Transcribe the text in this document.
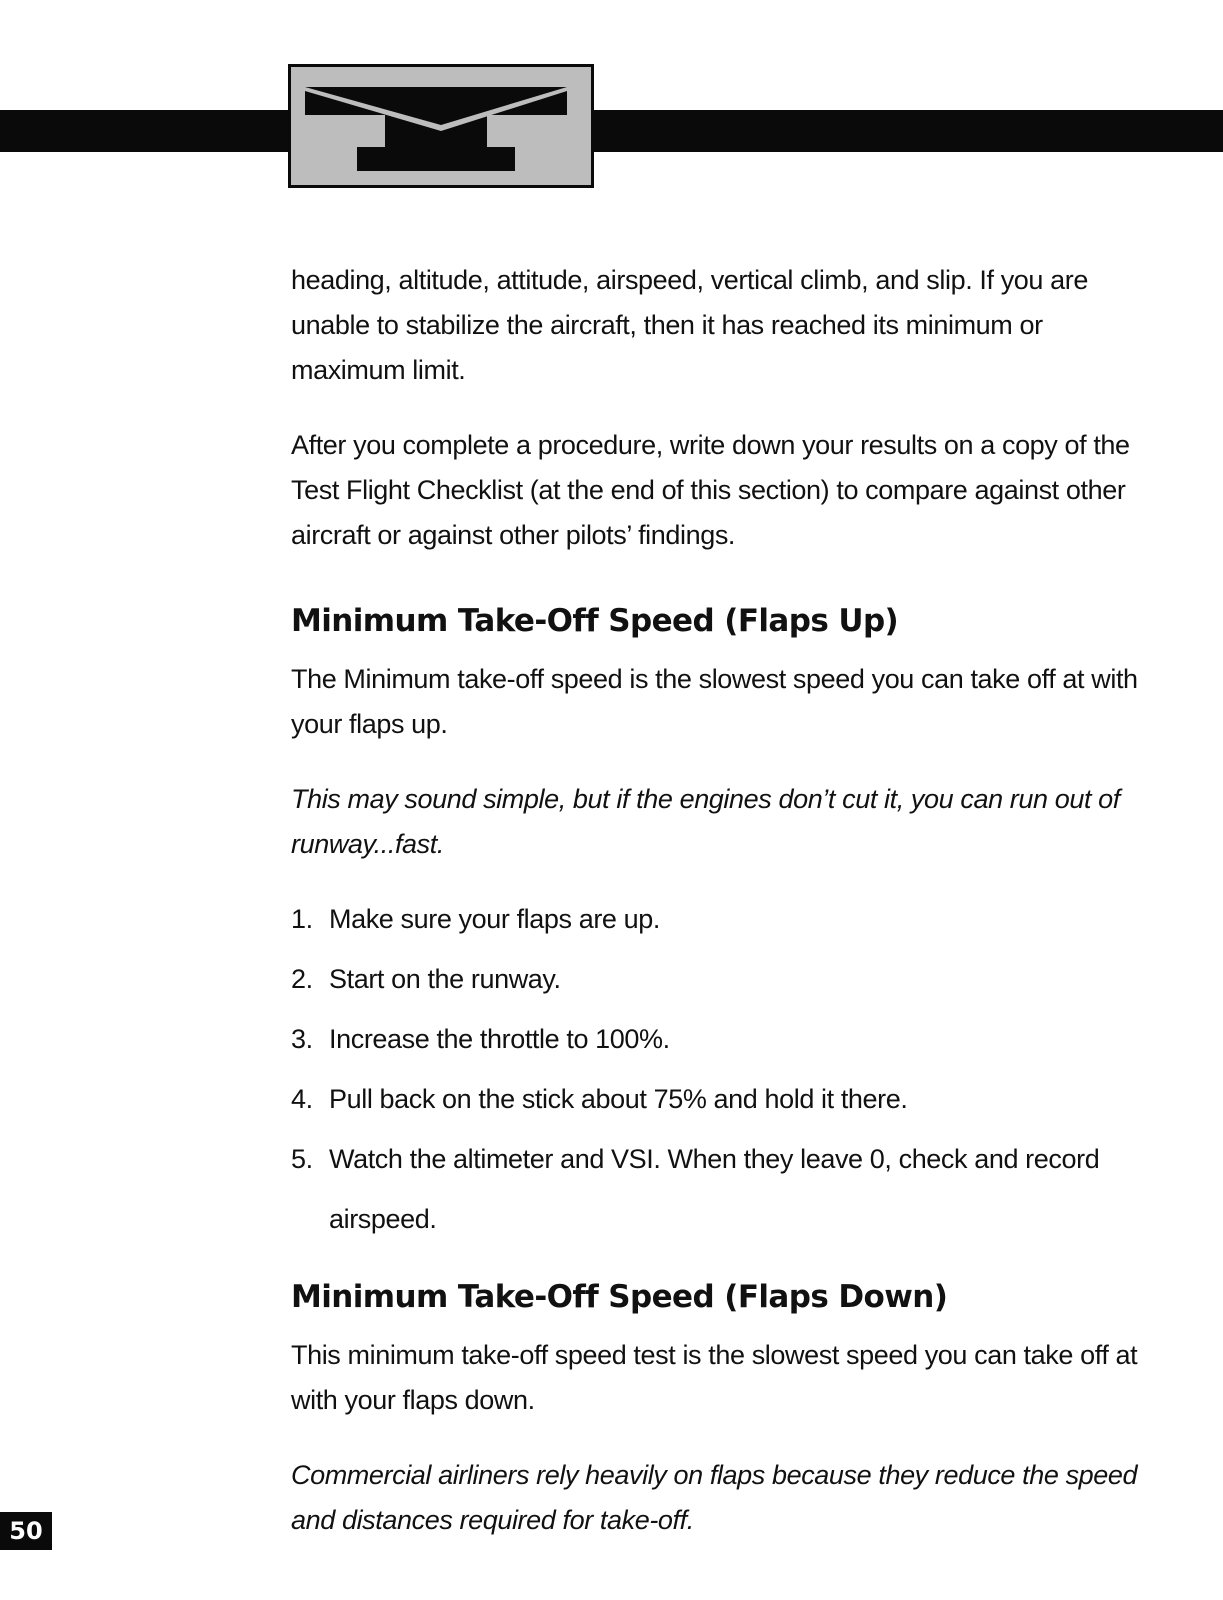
heading, altitude, attitude, airspeed, vertical climb, and slip. If you are unable to stabilize the aircraft, then it has reached its minimum or maximum limit.

After you complete a procedure, write down your results on a copy of the Test Flight Checklist (at the end of this section) to compare against other aircraft or against other pilots’ findings.

Minimum Take-Off Speed (Flaps Up)

The Minimum take-off speed is the slowest speed you can take off at with your flaps up.

This may sound simple, but if the engines don’t cut it, you can run out of runway...fast.

1. Make sure your flaps are up.
2. Start on the runway.
3. Increase the throttle to 100%.
4. Pull back on the stick about 75% and hold it there.
5. Watch the altimeter and VSI. When they leave 0, check and record airspeed.
Minimum Take-Off Speed (Flaps Down)

This minimum take-off speed test is the slowest speed you can take off at with your flaps down.

Commercial airliners rely heavily on flaps because they reduce the speed and distances required for take-off.

50
